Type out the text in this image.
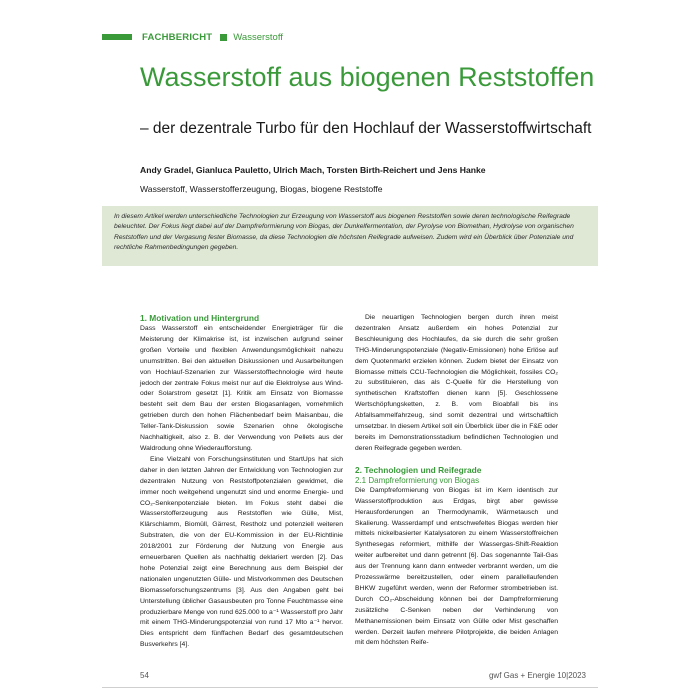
FACHBERICHT Wasserstoff
Wasserstoff aus biogenen Reststoffen
– der dezentrale Turbo für den Hochlauf der Wasserstoffwirtschaft
Andy Gradel, Gianluca Pauletto, Ulrich Mach, Torsten Birth-Reichert und Jens Hanke
Wasserstoff, Wasserstofferzeugung, Biogas, biogene Reststoffe
In diesem Artikel werden unterschiedliche Technologien zur Erzeugung von Wasserstoff aus biogenen Reststoffen sowie deren technologische Reifegrade beleuchtet. Der Fokus liegt dabei auf der Dampfreformierung von Biogas, der Dunkelfermentation, der Pyrolyse von Biomethan, Hydrolyse von organischen Reststoffen und der Vergasung fester Biomasse, da diese Technologien die höchsten Reifegrade aufweisen. Zudem wird ein Überblick über Potenziale und rechtliche Rahmenbedingungen gegeben.
1. Motivation und Hintergrund

Dass Wasserstoff ein entscheidender Energieträger für die Meisterung der Klimakrise ist, ist inzwischen aufgrund seiner großen Vorteile und flexiblen Anwendungsmöglichkeit nahezu unumstritten. Bei den aktuellen Diskussionen und Ausarbeitungen von Hochlauf-Szenarien zur Wasserstofftechnologie wird heute jedoch der zentrale Fokus meist nur auf die Elektrolyse aus Wind- oder Solarstrom gesetzt [1]. Kritik am Einsatz von Biomasse besteht seit dem Bau der ersten Biogasanlagen, vornehmlich getrieben durch den hohen Flächenbedarf beim Maisanbau, die Teller-Tank-Diskussion sowie Szenarien ohne ökologische Nachhaltigkeit, also z. B. der Verwendung von Pellets aus der Waldrodung ohne Wiederaufforstung.

Eine Vielzahl von Forschungsinstituten und StartUps hat sich daher in den letzten Jahren der Entwicklung von Technologien zur dezentralen Nutzung von Reststoffpotenzialen gewidmet, die immer noch weitgehend ungenutzt sind und enorme Energie- und CO₂-Senkenpotenziale bieten. Im Fokus steht dabei die Wasserstofferzeugung aus Reststoffen wie Gülle, Mist, Klärschlamm, Biomüll, Gärrest, Restholz und potenziell weiteren Substraten, die von der EU-Kommission in der EU-Richtlinie 2018/2001 zur Förderung der Nutzung von Energie aus erneuerbaren Quellen als nachhaltig deklariert werden [2]. Das hohe Potenzial zeigt eine Berechnung aus dem Beispiel der nationalen ungenutzten Gülle- und Mistvorkommen des Deutschen Biomasseforschungszentrums [3]. Aus den Angaben geht bei Unterstellung üblicher Gasausbeuten pro Tonne Feuchtmasse eine produzierbare Menge von rund 625.000 to a⁻¹ Wasserstoff pro Jahr mit einem THG-Minderungspotenzial von rund 17 Mto a⁻¹ hervor. Dies entspricht dem fünffachen Bedarf des gesamtdeutschen Busverkehrs [4].

Die neuartigen Technologien bergen durch ihren meist dezentralen Ansatz außerdem ein hohes Potenzial zur Beschleunigung des Hochlaufes, da sie durch die sehr großen THG-Minderungspotenziale (Negativ-Emissionen) hohe Erlöse auf dem Quotenmarkt erzielen können. Zudem bietet der Einsatz von Biomasse mittels CCU-Technologien die Möglichkeit, fossiles CO₂ zu substituieren, das als C-Quelle für die Herstellung von synthetischen Kraftstoffen dienen kann [5]. Geschlossene Wertschöpfungsketten, z. B. vom Bioabfall bis ins Abfallsammelfahrzeug, sind somit dezentral und wirtschaftlich umsetzbar. In diesem Artikel soll ein Überblick über die in F&E oder bereits im Demonstrationsstadium befindlichen Technologien und deren Reifegrade gegeben werden.

2. Technologien und Reifegrade
2.1 Dampfreformierung von Biogas

Die Dampfreformierung von Biogas ist im Kern identisch zur Wasserstoffproduktion aus Erdgas, birgt aber gewisse Herausforderungen an Thermodynamik, Wärmetausch und Skalierung. Wasserdampf und entschwefeltes Biogas werden hier mittels nickelbasierter Katalysatoren zu einem Wasserstoffreichen Synthesegas reformiert, mithilfe der Wassergas-Shift-Reaktion weiter aufbereitet und dann getrennt [6]. Das sogenannte Tail-Gas aus der Trennung kann dann entweder verbrannt werden, um die Prozesswärme bereitzustellen, oder einem parallellaufenden BHKW zugeführt werden, wenn der Reformer strombetrieben ist. Durch CO₂-Abscheidung können bei der Dampfreformierung zusätzliche C-Senken neben der Verhinderung von Methanemissionen beim Einsatz von Gülle oder Mist geschaffen werden. Derzeit laufen mehrere Pilotprojekte, die beiden Anlagen mit dem höchsten Reife-

54	gwf Gas + Energie 10|2023
